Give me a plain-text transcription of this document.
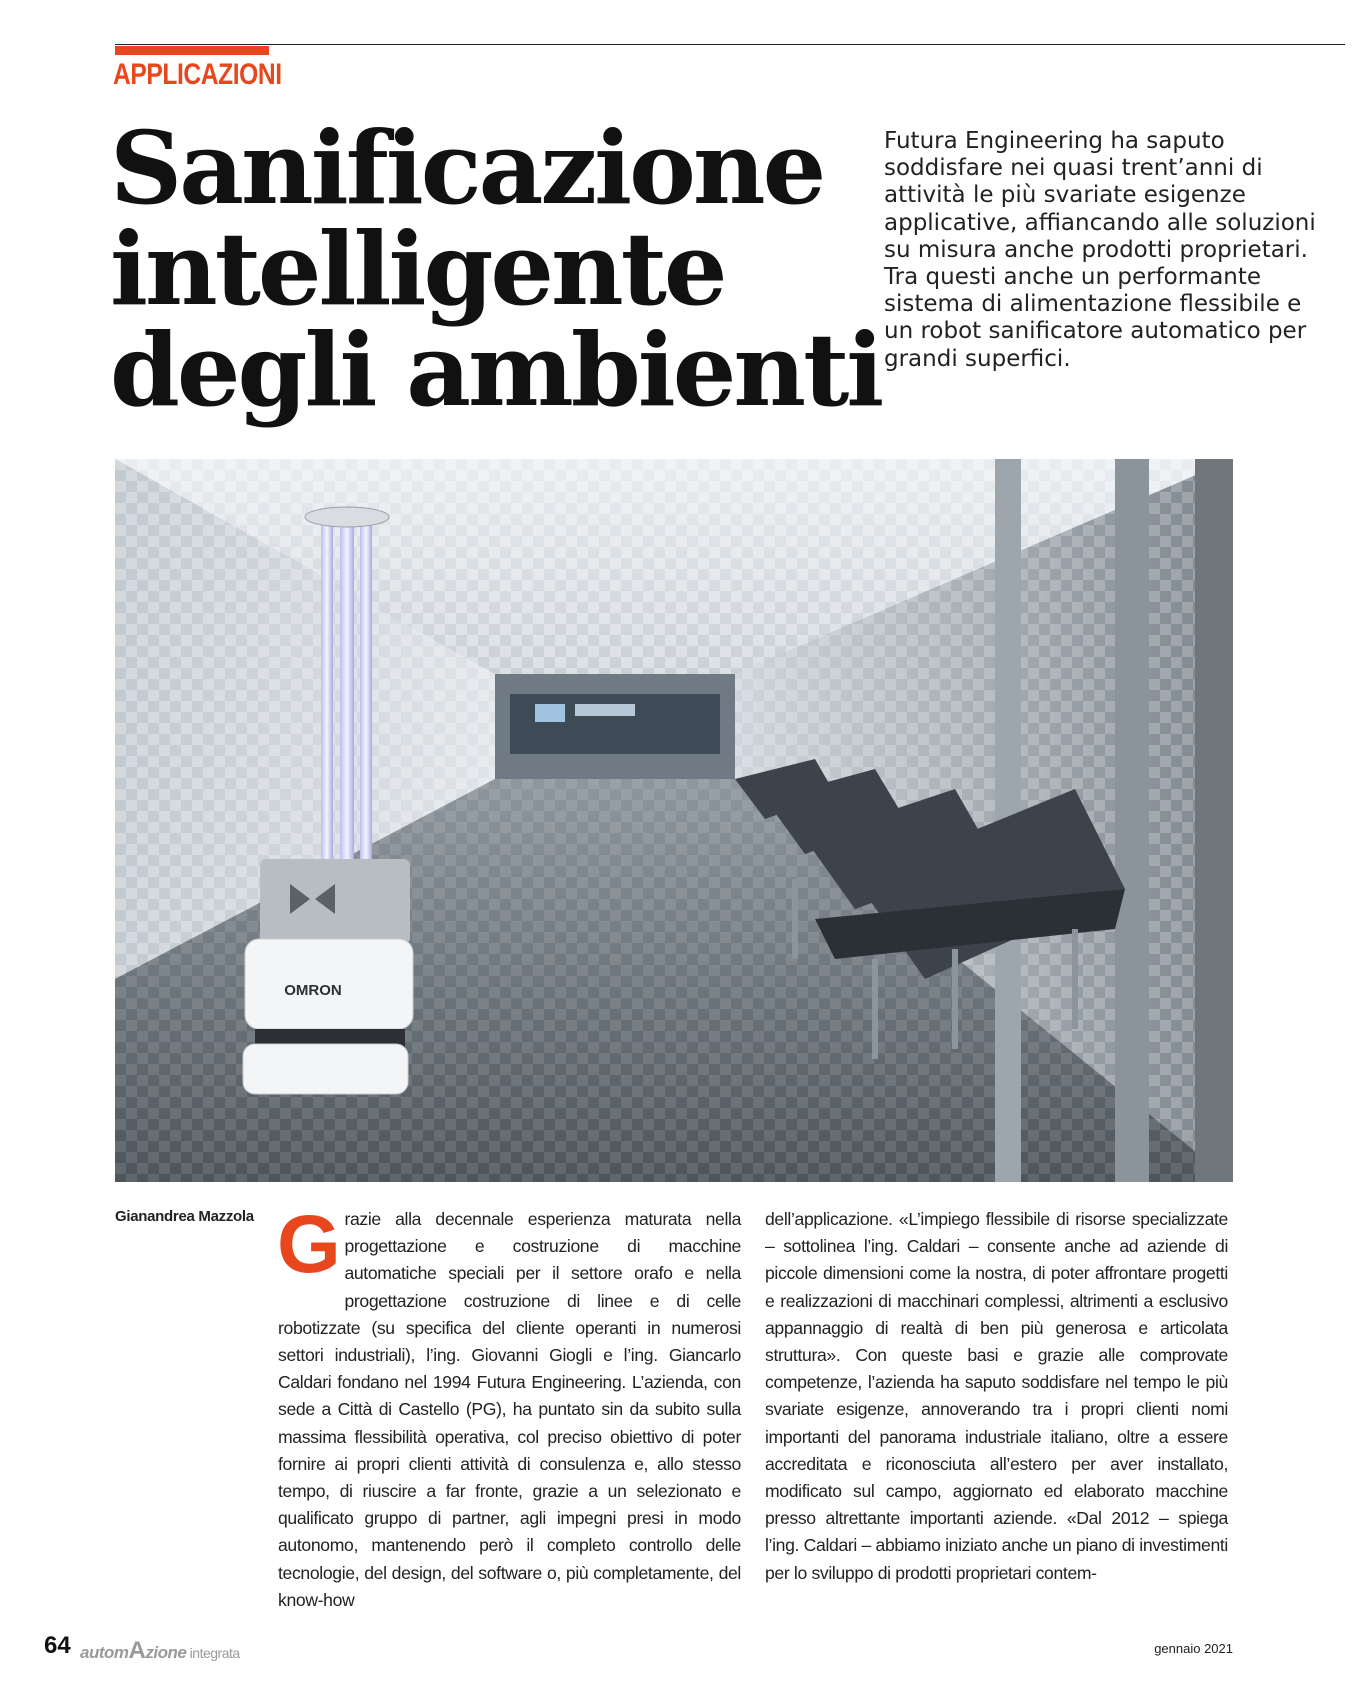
APPLICAZIONI
Sanificazione
intelligente
degli ambienti

Futura Engineering ha saputo soddisfare nei quasi trent’anni di attività le più svariate esigenze applicative, affiancando alle soluzioni su misura anche prodotti proprietari. Tra questi anche un performante sistema di alimentazione flessibile e un robot sanificatore automatico per grandi superfici.

OMRON
Gianandrea Mazzola Grazie alla decennale esperienza maturata nella progettazione e costruzione di macchine automatiche speciali per il settore orafo e nella progettazione costruzione di linee e di celle robotizzate (su specifica del cliente operanti in numerosi settori industriali), l’ing. Giovanni Giogli e l’ing. Giancarlo Caldari fondano nel 1994 Futura Engineering. L’azienda, con sede a Città di Castello (PG), ha puntato sin da subito sulla massima flessibilità operativa, col preciso obiettivo di poter fornire ai propri clienti attività di consulenza e, allo stesso tempo, di riuscire a far fronte, grazie a un selezionato e qualificato gruppo di partner, agli impegni presi in modo autonomo, mantenendo però il completo controllo delle tecnologie, del design, del software o, più completamente, del know-how

dell’applicazione. «L’impiego flessibile di risorse specializzate – sottolinea l’ing. Caldari – consente anche ad aziende di piccole dimensioni come la nostra, di poter affrontare progetti e realizzazioni di macchinari complessi, altrimenti a esclusivo appannaggio di realtà di ben più generosa e articolata struttura». Con queste basi e grazie alle comprovate competenze, l’azienda ha saputo soddisfare nel tempo le più svariate esigenze, annoverando tra i propri clienti nomi importanti del panorama industriale italiano, oltre a essere accreditata e riconosciuta all’estero per aver installato, modificato sul campo, aggiornato ed elaborato macchine presso altrettante importanti aziende. «Dal 2012 – spiega l’ing. Caldari – abbiamo iniziato anche un piano di investimenti per lo sviluppo di prodotti proprietari contem-

64 automAzione integrata	gennaio 2021
